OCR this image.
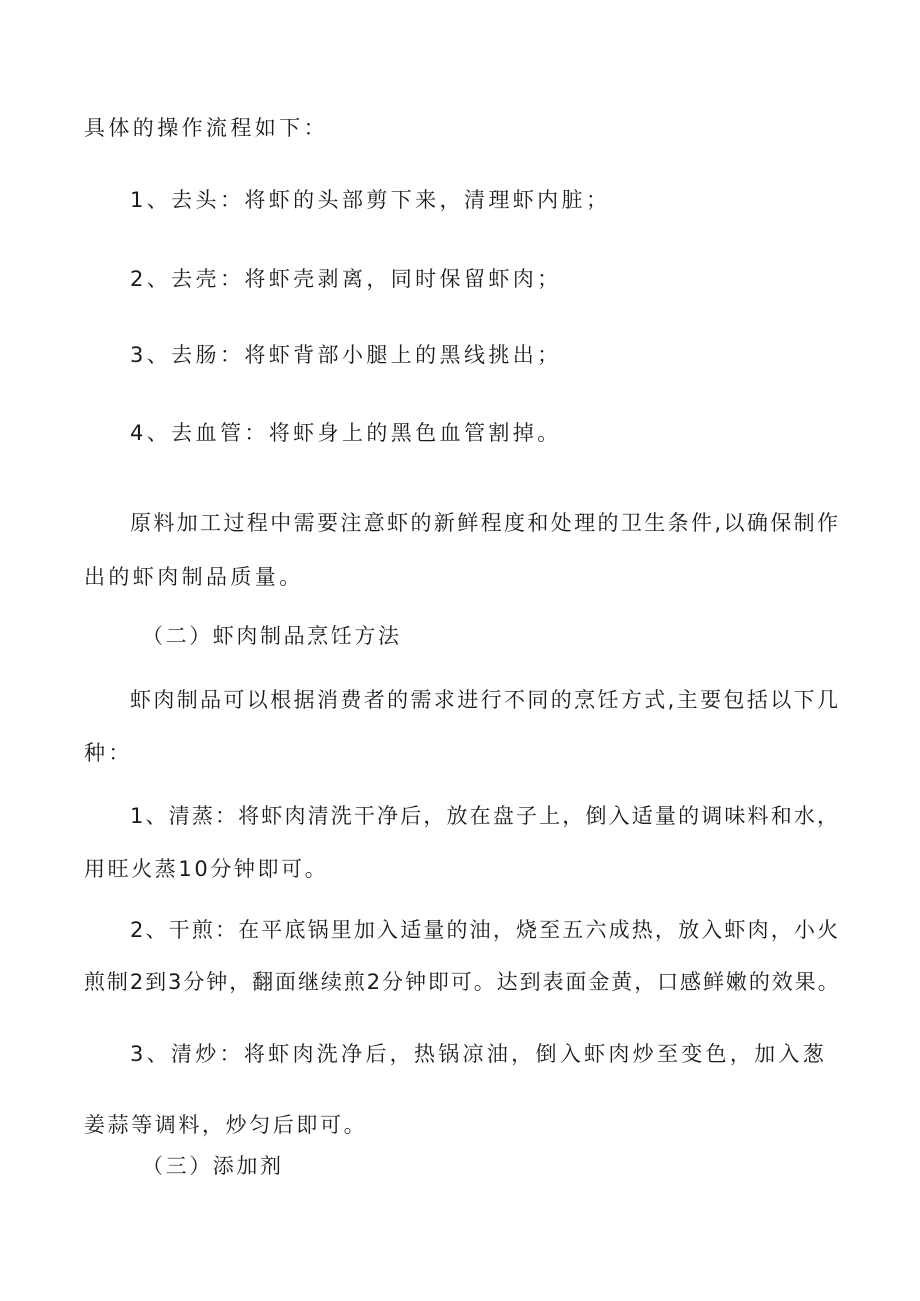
具体的操作流程如下：

1、去头：将虾的头部剪下来，清理虾内脏；

2、去壳：将虾壳剥离，同时保留虾肉；

3、去肠：将虾背部小腿上的黑线挑出；

4、去血管：将虾身上的黑色血管割掉。

原料加工过程中需要注意虾的新鲜程度和处理的卫生条件,以确保制作

出的虾肉制品质量。

（二）虾肉制品烹饪方法

虾肉制品可以根据消费者的需求进行不同的烹饪方式,主要包括以下几

种：

1、清蒸：将虾肉清洗干净后，放在盘子上，倒入适量的调味料和水，

用旺火蒸10分钟即可。

2、干煎：在平底锅里加入适量的油，烧至五六成热，放入虾肉，小火

煎制2到3分钟，翻面继续煎2分钟即可。达到表面金黄，口感鲜嫩的效果。

3、清炒：将虾肉洗净后，热锅凉油，倒入虾肉炒至变色，加入葱

姜蒜等调料，炒匀后即可。

（三）添加剂
